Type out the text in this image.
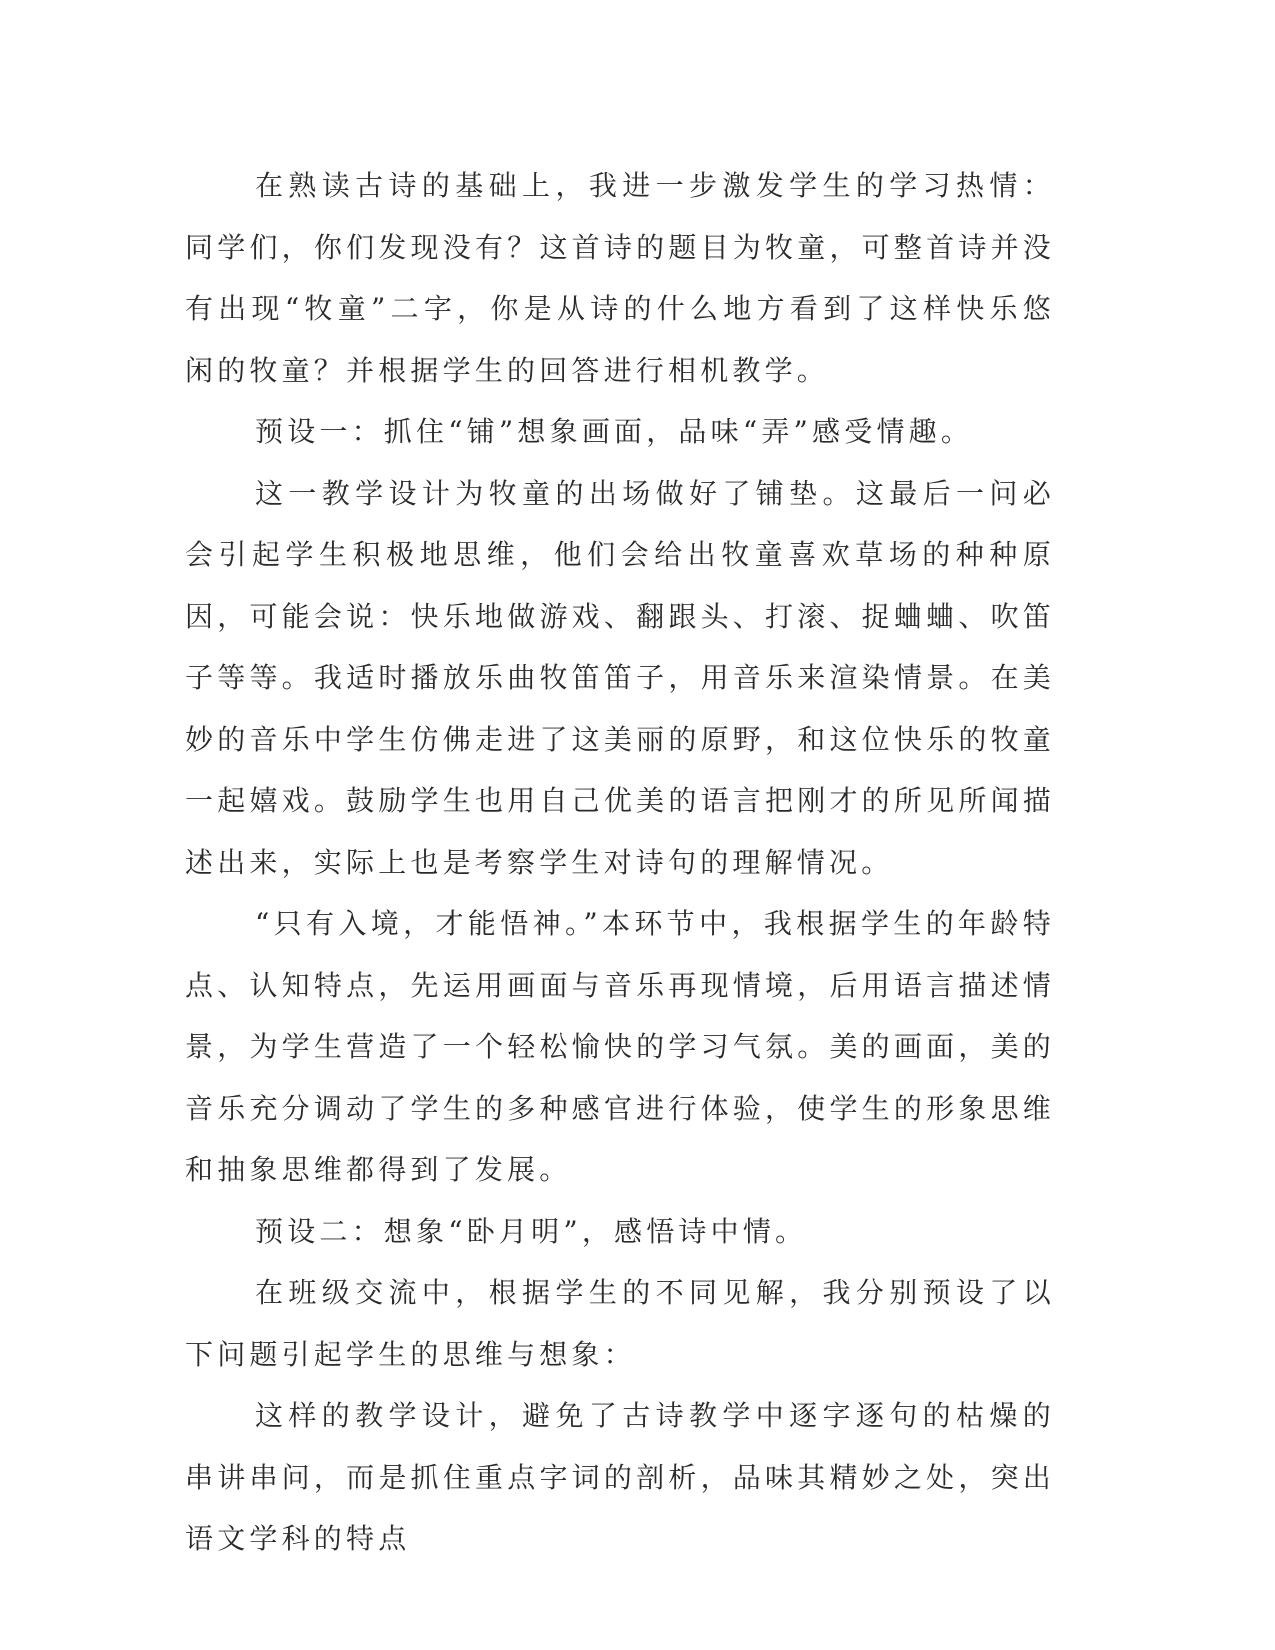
在熟读古诗的基础上，我进一步激发学生的学习热情：同学们，你们发现没有？这首诗的题目为牧童，可整首诗并没有出现“牧童”二字，你是从诗的什么地方看到了这样快乐悠闲的牧童？并根据学生的回答进行相机教学。

预设一：抓住“铺”想象画面，品味“弄”感受情趣。

这一教学设计为牧童的出场做好了铺垫。这最后一问必会引起学生积极地思维，他们会给出牧童喜欢草场的种种原因，可能会说：快乐地做游戏、翻跟头、打滚、捉蛐蛐、吹笛子等等。我适时播放乐曲牧笛笛子，用音乐来渲染情景。在美妙的音乐中学生仿佛走进了这美丽的原野，和这位快乐的牧童一起嬉戏。鼓励学生也用自己优美的语言把刚才的所见所闻描述出来，实际上也是考察学生对诗句的理解情况。

“只有入境，才能悟神。”本环节中，我根据学生的年龄特点、认知特点，先运用画面与音乐再现情境，后用语言描述情景，为学生营造了一个轻松愉快的学习气氛。美的画面，美的音乐充分调动了学生的多种感官进行体验，使学生的形象思维和抽象思维都得到了发展。

预设二：想象“卧月明”，感悟诗中情。

在班级交流中，根据学生的不同见解，我分别预设了以下问题引起学生的思维与想象：

这样的教学设计，避免了古诗教学中逐字逐句的枯燥的串讲串问，而是抓住重点字词的剖析，品味其精妙之处，突出语文学科的特点
